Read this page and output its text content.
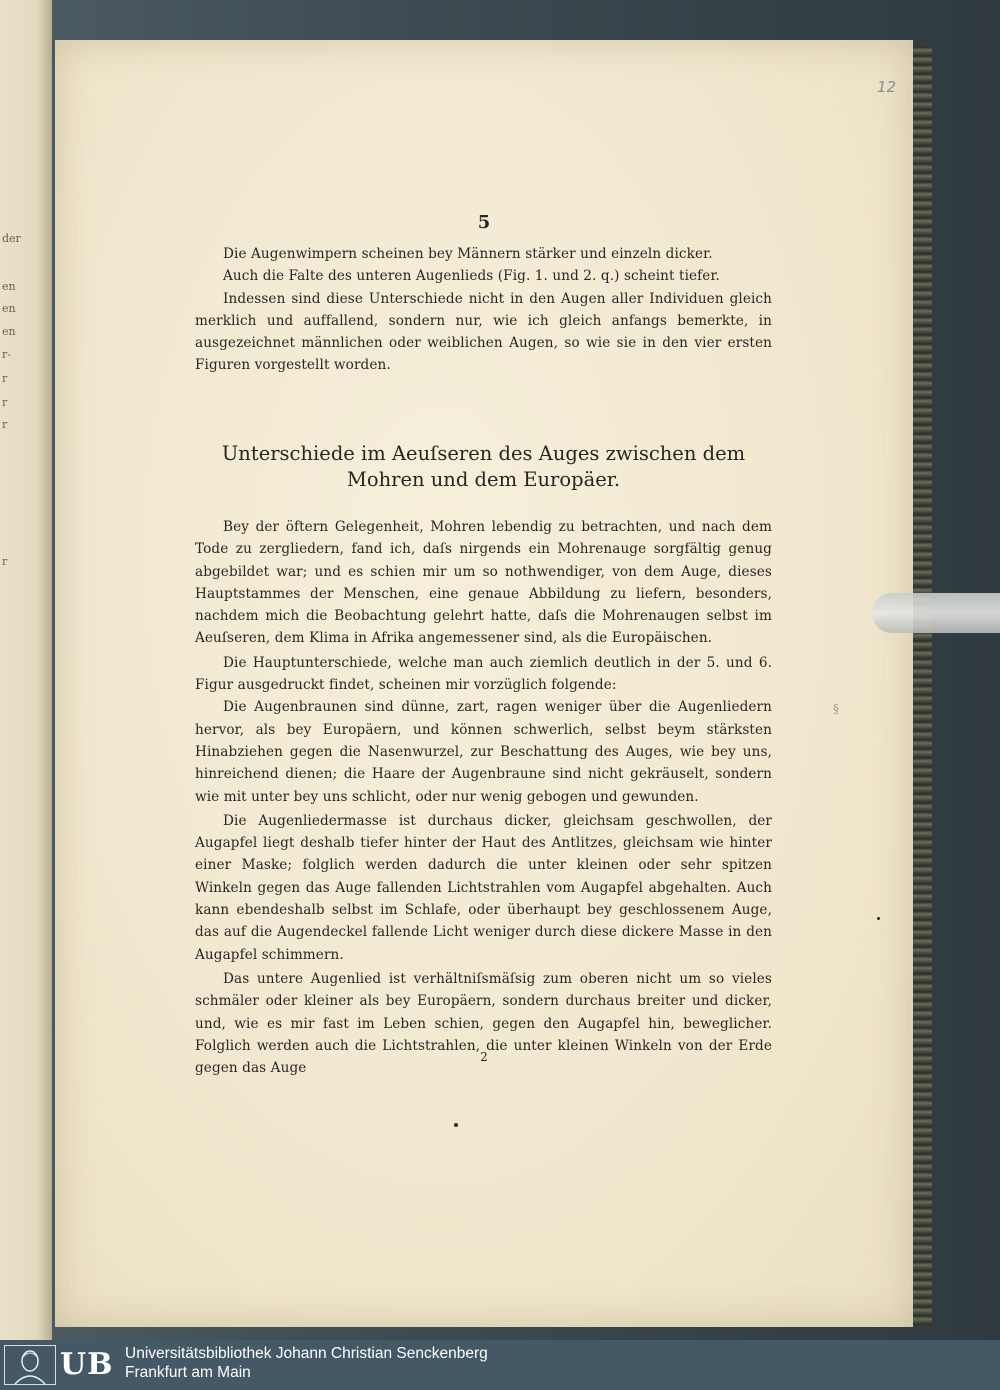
der
en
en
en
r-
r
r
r
r
5

Die Augenwimpern scheinen bey Männern stärker und einzeln dicker.

Auch die Falte des unteren Augenlieds (Fig. 1. und 2. q.) scheint tiefer.

Indessen sind diese Unterschiede nicht in den Augen aller Individuen gleich merklich und auffallend, sondern nur, wie ich gleich anfangs bemerkte, in ausgezeichnet männlichen oder weiblichen Augen, so wie sie in den vier ersten Figuren vorgestellt worden.

Unterschiede im Aeuſseren des Auges zwischen dem
Mohren und dem Europäer.

Bey der öftern Gelegenheit, Mohren lebendig zu betrachten, und nach dem Tode zu zergliedern, fand ich, daſs nirgends ein Mohrenauge sorgfältig genug abgebildet war; und es schien mir um so nothwendiger, von dem Auge, dieses Hauptstammes der Menschen, eine genaue Abbildung zu liefern, besonders, nachdem mich die Beobachtung gelehrt hatte, daſs die Mohrenaugen selbst im Aeuſseren, dem Klima in Afrika angemessener sind, als die Europäischen.

Die Hauptunterschiede, welche man auch ziemlich deutlich in der 5. und 6. Figur ausgedruckt findet, scheinen mir vorzüglich folgende:

Die Augenbraunen sind dünne, zart, ragen weniger über die Augenliedern hervor, als bey Europäern, und können schwerlich, selbst beym stärksten Hinabziehen gegen die Nasenwurzel, zur Beschattung des Auges, wie bey uns, hinreichend dienen; die Haare der Augenbraune sind nicht gekräuselt, sondern wie mit unter bey uns schlicht, oder nur wenig gebogen und gewunden.

Die Augenliedermasse ist durchaus dicker, gleichsam geschwollen, der Augapfel liegt deshalb tiefer hinter der Haut des Antlitzes, gleichsam wie hinter einer Maske; folglich werden dadurch die unter kleinen oder sehr spitzen Winkeln gegen das Auge fallenden Lichtstrahlen vom Augapfel abgehalten. Auch kann ebendeshalb selbst im Schlafe, oder überhaupt bey geschlossenem Auge, das auf die Augendeckel fallende Licht weniger durch diese dickere Masse in den Augapfel schimmern.

Das untere Augenlied ist verhältniſsmäſsig zum oberen nicht um so vieles schmäler oder kleiner als bey Europäern, sondern durchaus breiter und dicker, und, wie es mir fast im Leben schien, gegen den Augapfel hin, beweglicher. Folglich werden auch die Lichtstrahlen, die unter kleinen Winkeln von der Erde gegen das Auge

2
12
§
UB Universitätsbibliothek Johann Christian Senckenberg
Frankfurt am Main
